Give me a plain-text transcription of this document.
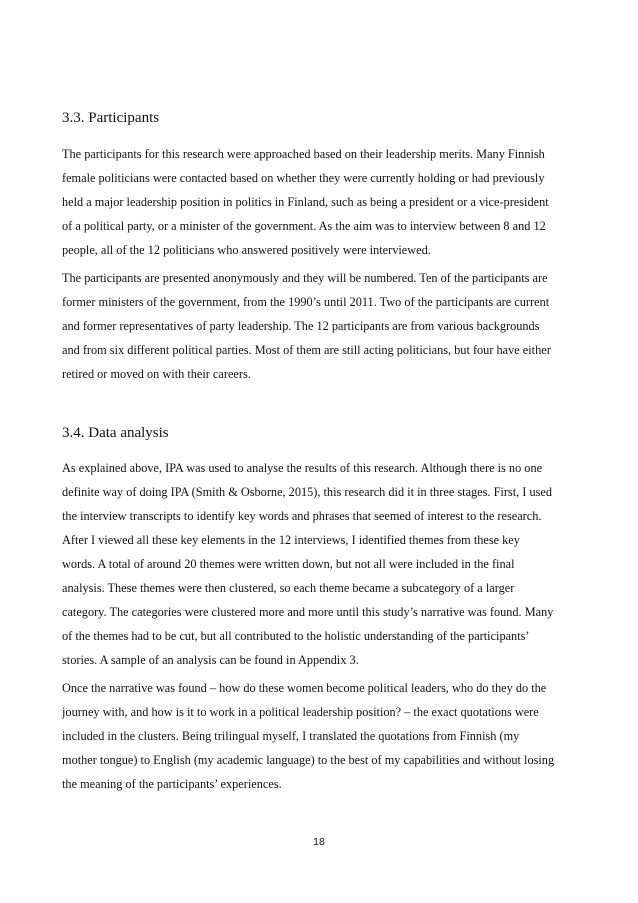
3.3. Participants

The participants for this research were approached based on their leadership merits. Many Finnish

female politicians were contacted based on whether they were currently holding or had previously

held a major leadership position in politics in Finland, such as being a president or a vice-president

of a political party, or a minister of the government. As the aim was to interview between 8 and 12

people, all of the 12 politicians who answered positively were interviewed.

The participants are presented anonymously and they will be numbered. Ten of the participants are

former ministers of the government, from the 1990’s until 2011. Two of the participants are current

and former representatives of party leadership. The 12 participants are from various backgrounds

and from six different political parties. Most of them are still acting politicians, but four have either

retired or moved on with their careers.

3.4. Data analysis

As explained above, IPA was used to analyse the results of this research. Although there is no one

definite way of doing IPA (Smith & Osborne, 2015), this research did it in three stages. First, I used

the interview transcripts to identify key words and phrases that seemed of interest to the research.

After I viewed all these key elements in the 12 interviews, I identified themes from these key

words. A total of around 20 themes were written down, but not all were included in the final

analysis. These themes were then clustered, so each theme became a subcategory of a larger

category. The categories were clustered more and more until this study’s narrative was found. Many

of the themes had to be cut, but all contributed to the holistic understanding of the participants’

stories. A sample of an analysis can be found in Appendix 3.

Once the narrative was found – how do these women become political leaders, who do they do the

journey with, and how is it to work in a political leadership position? – the exact quotations were

included in the clusters. Being trilingual myself, I translated the quotations from Finnish (my

mother tongue) to English (my academic language) to the best of my capabilities and without losing

the meaning of the participants’ experiences.

18
